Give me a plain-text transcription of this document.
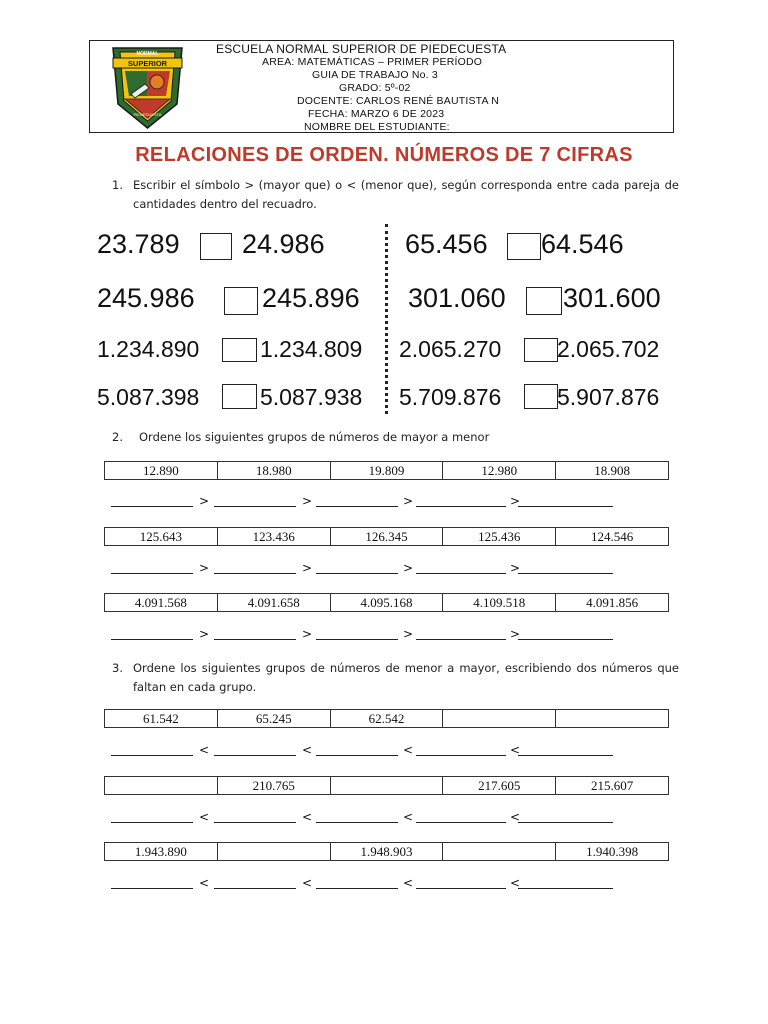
SUPERIOR
NORMAL
PIEDECUESTA
ESCUELA NORMAL SUPERIOR DE PIEDECUESTA
AREA: MATEMÁTICAS – PRIMER PERÍODO
GUIA DE TRABAJO No. 3
GRADO: 5º-02
DOCENTE: CARLOS RENÉ BAUTISTA N
FECHA: MARZO 6 DE 2023
NOMBRE DEL ESTUDIANTE:
RELACIONES DE ORDEN. NÚMEROS DE 7 CIFRAS
1. Escribir el símbolo > (mayor que) o < (menor que), según corresponda entre cada pareja de cantidades dentro del recuadro.
23.789 24.986
245.986 245.896
1.234.890	1.234.809
5.087.398	5.087.938
65.456 64.546
301.060 301.600
2.065.270 2.065.702
5.709.876 5.907.876
2. Ordene los siguientes grupos de números de mayor a menor
12.890	18.980	19.809	12.980	18.908
>	>	>	>
125.643	123.436	126.345	125.436	124.546
>	>	>	>
4.091.568	4.091.658	4.095.168	4.109.518	4.091.856
>	>	>	>
3. Ordene los siguientes grupos de números de menor a mayor, escribiendo dos números que faltan en cada grupo.
61.542	65.245	62.542		
<	<	<	<
	210.765		217.605	215.607
<	<	<	<
1.943.890		1.948.903		1.940.398
<	<	<	<
